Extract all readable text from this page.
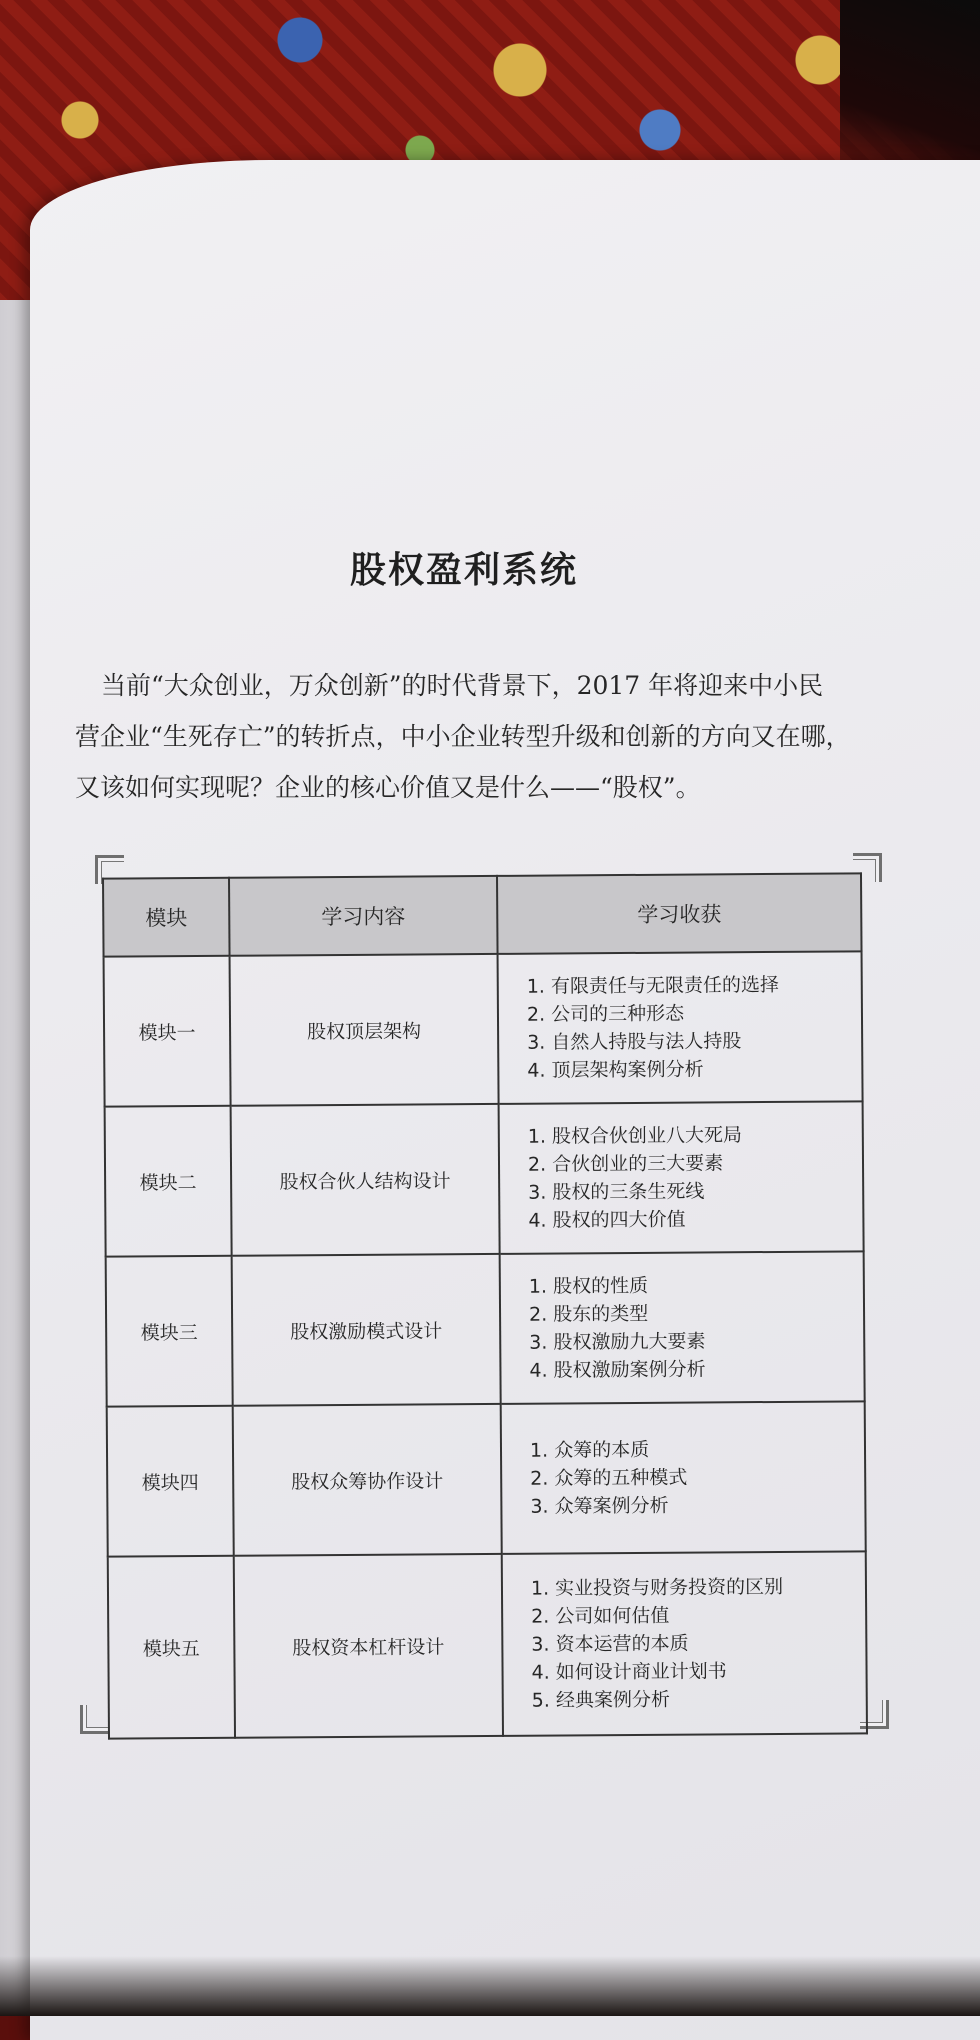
股权盈利系统
当前“大众创业，万众创新”的时代背景下，2017 年将迎来中小民
营企业“生死存亡”的转折点，中小企业转型升级和创新的方向又在哪，
又该如何实现呢？企业的核心价值又是什么——“股权”。
模块	学习内容	学习收获
模块一	股权顶层架构	1. 有限责任与无限责任的选择
2. 公司的三种形态
3. 自然人持股与法人持股
4. 顶层架构案例分析

模块二	股权合伙人结构设计	1. 股权合伙创业八大死局
2. 合伙创业的三大要素
3. 股权的三条生死线
4. 股权的四大价值

模块三	股权激励模式设计	1. 股权的性质
2. 股东的类型
3. 股权激励九大要素
4. 股权激励案例分析

模块四	股权众筹协作设计	1. 众筹的本质
2. 众筹的五种模式
3. 众筹案例分析

模块五	股权资本杠杆设计	1. 实业投资与财务投资的区别
2. 公司如何估值
3. 资本运营的本质
4. 如何设计商业计划书
5. 经典案例分析
